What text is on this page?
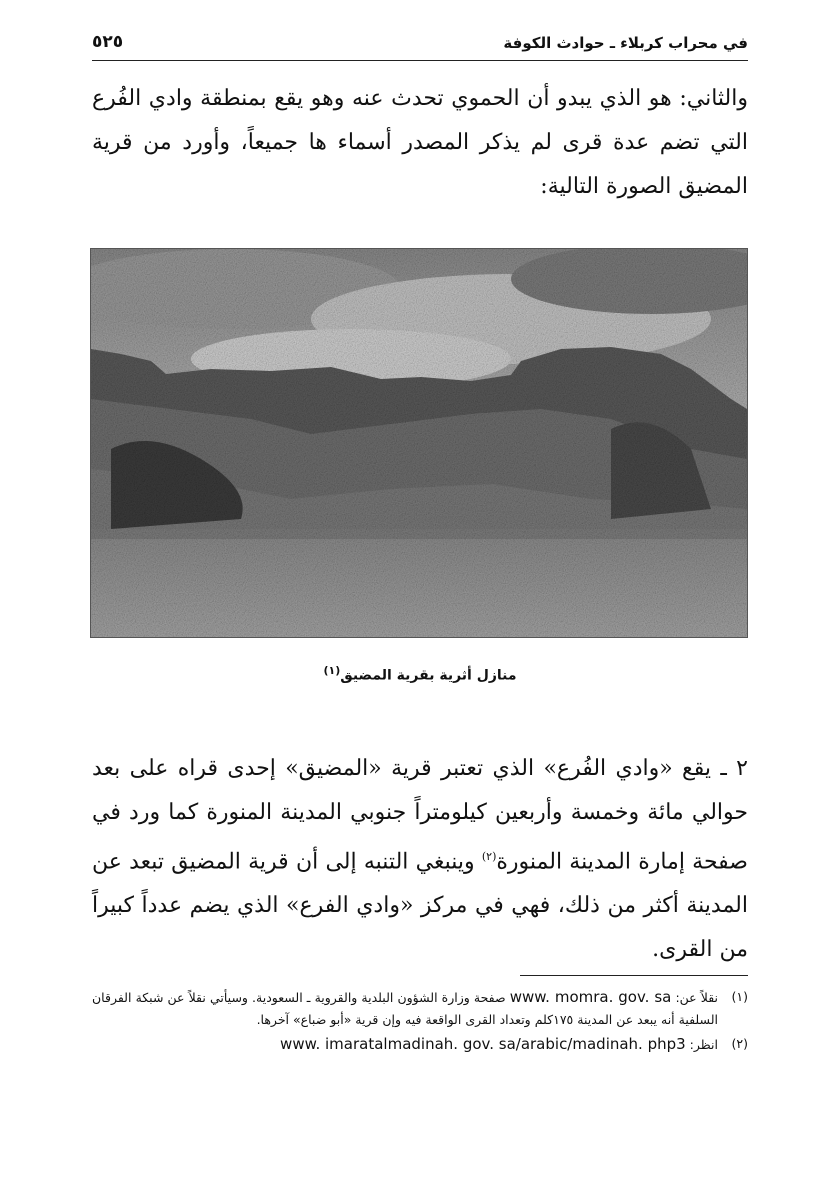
في محراب كربلاء ـ حوادث الكوفة
٥٢٥

والثاني: هو الذي يبدو أن الحموي تحدث عنه وهو يقع بمنطقة وادي الفُرع التي تضم عدة قرى لم يذكر المصدر أسماء ها جميعاً، وأورد من قرية المضيق الصورة التالية:

منازل أثرية بقرية المضيق$^{(١)}$

٢ ـ يقع «وادي الفُرع» الذي تعتبر قرية «المضيق» إحدى قراه على بعد حوالي مائة وخمسة وأربعين كيلومتراً جنوبي المدينة المنورة كما ورد في صفحة إمارة المدينة المنورة$^{(٢)}$ وينبغي التنبه إلى أن قرية المضيق تبعد عن المدينة أكثر من ذلك، فهي في مركز «وادي الفرع» الذي يضم عدداً كبيراً من القرى.

(١)
نقلاً عن: www. momra. gov. sa صفحة وزارة الشؤون البلدية والقروية ـ السعودية. وسيأتي نقلاً عن شبكة الفرقان السلفية أنه يبعد عن المدينة ١٧٥كلم وتعداد القرى الواقعة فيه وإن قرية «أبو ضباع» آخرها.

(٢)
انظر: www. imaratalmadinah. gov. sa/arabic/madinah. php3
